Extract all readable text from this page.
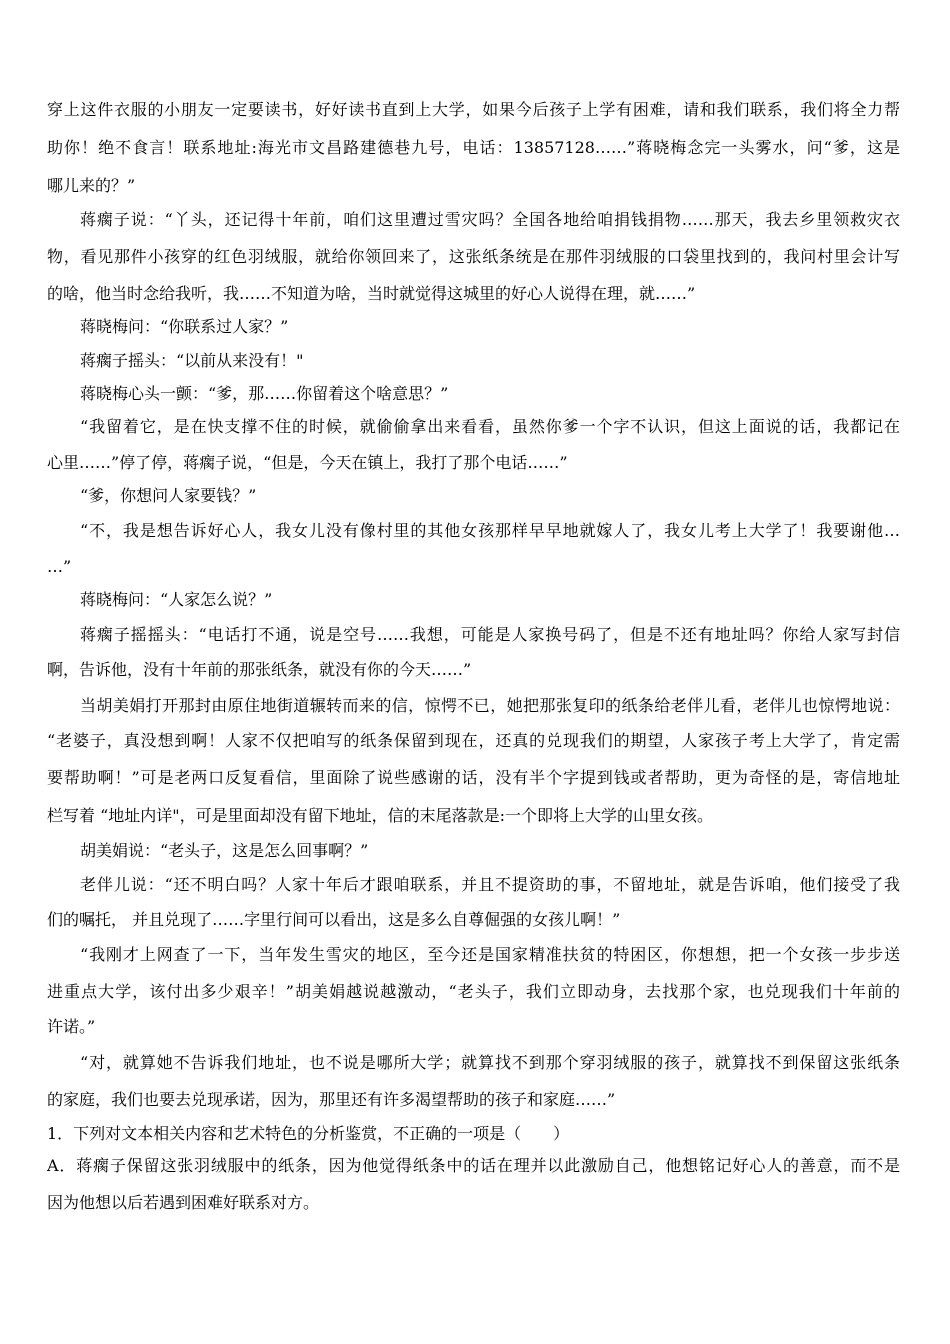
穿上这件衣服的小朋友一定要读书，好好读书直到上大学，如果今后孩子上学有困难，请和我们联系，我们将全力帮
助你！绝不食言！联系地址:海光市文昌路建德巷九号，电话：13857128……”蒋晓梅念完一头雾水，问“爹，这是
哪儿来的？”
蒋瘸子说：“丫头，还记得十年前，咱们这里遭过雪灾吗？全国各地给咱捐钱捐物……那天，我去乡里领救灾衣
物，看见那件小孩穿的红色羽绒服，就给你领回来了，这张纸条统是在那件羽绒服的口袋里找到的，我问村里会计写
的啥，他当时念给我听，我……不知道为啥，当时就觉得这城里的好心人说得在理，就……”
蒋晓梅问：“你联系过人家？”
蒋瘸子摇头：“以前从来没有！"
蒋晓梅心头一颤：“爹，那……你留着这个啥意思？”
“我留着它，是在快支撑不住的时候，就偷偷拿出来看看，虽然你爹一个字不认识，但这上面说的话，我都记在
心里……”停了停，蒋瘸子说，“但是，今天在镇上，我打了那个电话……”
“爹，你想问人家要钱？”
“不，我是想告诉好心人，我女儿没有像村里的其他女孩那样早早地就嫁人了，我女儿考上大学了！我要谢他…
…”
蒋晓梅问：“人家怎么说？”
蒋瘸子摇摇头：“电话打不通，说是空号……我想，可能是人家换号码了，但是不还有地址吗？你给人家写封信
啊，告诉他，没有十年前的那张纸条，就没有你的今天……”
当胡美娟打开那封由原住地街道辗转而来的信，惊愕不已，她把那张复印的纸条给老伴儿看，老伴儿也惊愕地说：
“老婆子，真没想到啊！人家不仅把咱写的纸条保留到现在，还真的兑现我们的期望，人家孩子考上大学了，肯定需
要帮助啊！”可是老两口反复看信，里面除了说些感谢的话，没有半个字提到钱或者帮助，更为奇怪的是，寄信地址
栏写着 “地址内详"，可是里面却没有留下地址，信的末尾落款是:一个即将上大学的山里女孩。
胡美娟说：“老头子，这是怎么回事啊？”
老伴儿说：“还不明白吗？人家十年后才跟咱联系，并且不提资助的事，不留地址，就是告诉咱，他们接受了我
们的嘱托， 并且兑现了……字里行间可以看出，这是多么自尊倔强的女孩儿啊！”
“我刚才上网查了一下，当年发生雪灾的地区，至今还是国家精准扶贫的特困区，你想想，把一个女孩一步步送
进重点大学，该付出多少艰辛！”胡美娟越说越激动，“老头子，我们立即动身，去找那个家，也兑现我们十年前的
许诺。”
“对，就算她不告诉我们地址，也不说是哪所大学；就算找不到那个穿羽绒服的孩子，就算找不到保留这张纸条
的家庭，我们也要去兑现承诺，因为，那里还有许多渴望帮助的孩子和家庭……”
1．下列对文本相关内容和艺术特色的分析鉴赏，不正确的一项是（　　）
A．蒋瘸子保留这张羽绒服中的纸条，因为他觉得纸条中的话在理并以此激励自己，他想铭记好心人的善意，而不是
因为他想以后若遇到困难好联系对方。
